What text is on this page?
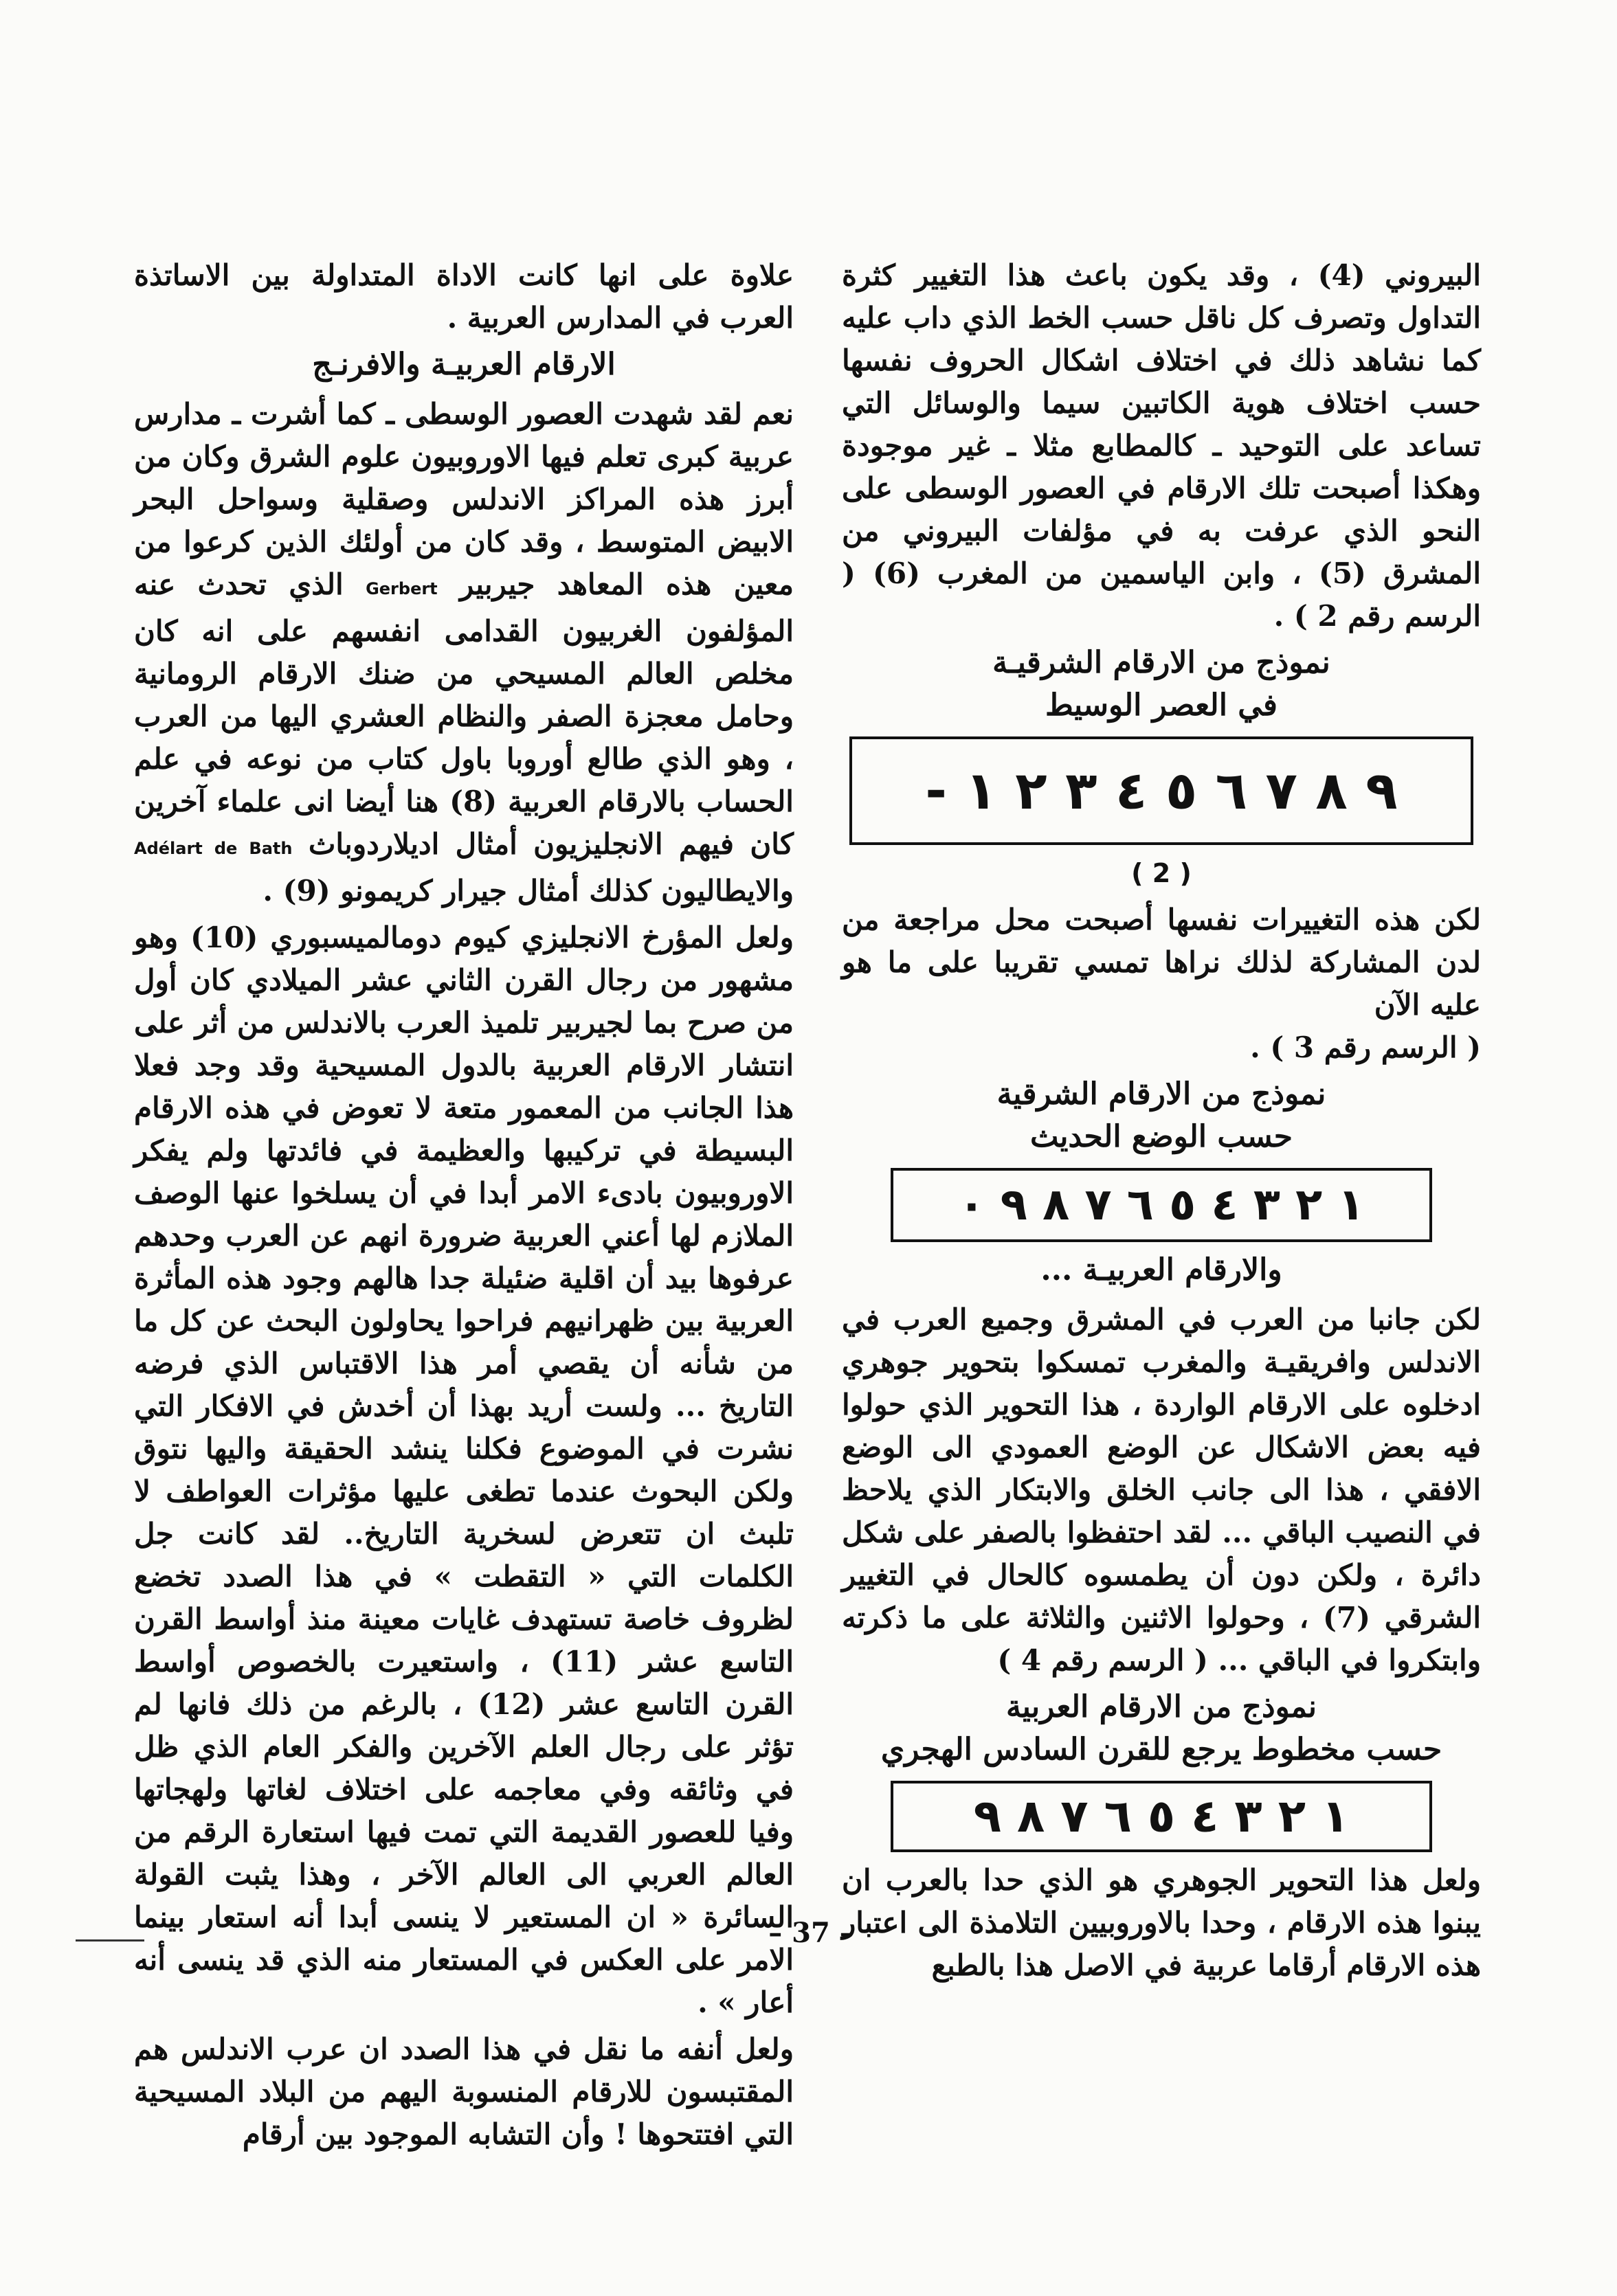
البيروني (4) ، وقد يكون باعث هذا التغيير كثرة التداول وتصرف كل ناقل حسب الخط الذي داب عليه كما نشاهد ذلك في اختلاف اشكال الحروف نفسها حسب اختلاف هوية الكاتبين سيما والوسائل التي تساعد على التوحيد ـ كالمطابع مثلا ـ غير موجودة وهكذا أصبحت تلك الارقام في العصور الوسطى على النحو الذي عرفت به في مؤلفات البيروني من المشرق (5) ، وابن الياسمين من المغرب (6) ( الرسم رقم 2 ) .

نموذج من الارقام الشرقيـة
في العصر الوسيط
- ٩ ٨ ٧ ٦ ٥ ٤ ٣ ٢ ١
( 2 )

لكن هذه التغييرات نفسها أصبحت محل مراجعة من لدن المشاركة لذلك نراها تمسي تقريبا على ما هو عليه الآن
( الرسم رقم 3 ) .

نموذج من الارقام الشرقية
حسب الوضع الحديث
١ ٢ ٣ ٤ ٥ ٦ ٧ ٨ ٩ ٠
والارقام العربيـة ...

لكن جانبا من العرب في المشرق وجميع العرب في الاندلس وافريقيـة والمغرب تمسكوا بتحوير جوهري ادخلوه على الارقام الواردة ، هذا التحوير الذي حولوا فيه بعض الاشكال عن الوضع العمودي الى الوضع الافقي ، هذا الى جانب الخلق والابتكار الذي يلاحظ في النصيب الباقي ... لقد احتفظوا بالصفر على شكل دائرة ، ولكن دون أن يطمسوه كالحال في التغيير الشرقي (7) ، وحولوا الاثنين والثلاثة على ما ذكرته وابتكروا في الباقي ... ( الرسم رقم 4 )

نموذج من الارقام العربية
حسب مخطوط يرجع للقرن السادس الهجري
١ ٢ ٣ ٤ ٥ ٦ ٧ ٨ ٩

ولعل هذا التحوير الجوهري هو الذي حدا بالعرب ان يبنوا هذه الارقام ، وحدا بالاوروبيين التلامذة الى اعتبار هذه الارقام أرقاما عربية في الاصل هذا بالطبع

علاوة على انها كانت الاداة المتداولة بين الاساتذة العرب في المدارس العربية .

الارقام العربيـة والافرنـج

نعم لقد شهدت العصور الوسطى ـ كما أشرت ـ مدارس عربية كبرى تعلم فيها الاوروبيون علوم الشرق وكان من أبرز هذه المراكز الاندلس وصقلية وسواحل البحر الابيض المتوسط ، وقد كان من أولئك الذين كرعوا من معين هذه المعاهد جيربير Gerbert الذي تحدث عنه المؤلفون الغربيون القدامى انفسهم على انه كان مخلص العالم المسيحي من ضنك الارقام الرومانية وحامل معجزة الصفر والنظام العشري اليها من العرب ، وهو الذي طالع أوروبا باول كتاب من نوعه في علم الحساب بالارقام العربية (8) هنا أيضا انى علماء آخرين كان فيهم الانجليزيون أمثال اديلاردوباث Adélart de Bath والايطاليون كذلك أمثال جيرار كريمونو (9) .

ولعل المؤرخ الانجليزي كيوم دومالميسبوري (10) وهو مشهور من رجال القرن الثاني عشر الميلادي كان أول من صرح بما لجيربير تلميذ العرب بالاندلس من أثر على انتشار الارقام العربية بالدول المسيحية وقد وجد فعلا هذا الجانب من المعمور متعة لا تعوض في هذه الارقام البسيطة في تركيبها والعظيمة في فائدتها ولم يفكر الاوروبيون بادىء الامر أبدا في أن يسلخوا عنها الوصف الملازم لها أعني العربية ضرورة انهم عن العرب وحدهم عرفوها بيد أن اقلية ضئيلة جدا هالهم وجود هذه المأثرة العربية بين ظهرانيهم فراحوا يحاولون البحث عن كل ما من شأنه أن يقصي أمر هذا الاقتباس الذي فرضه التاريخ ... ولست أريد بهذا أن أخدش في الافكار التي نشرت في الموضوع فكلنا ينشد الحقيقة واليها نتوق ولكن البحوث عندما تطغى عليها مؤثرات العواطف لا تلبث ان تتعرض لسخرية التاريخ.. لقد كانت جل الكلمات التي « التقطت » في هذا الصدد تخضع لظروف خاصة تستهدف غايات معينة منذ أواسط القرن التاسع عشر (11) ، واستعيرت بالخصوص أواسط القرن التاسع عشر (12) ، بالرغم من ذلك فانها لم تؤثر على رجال العلم الآخرين والفكر العام الذي ظل في وثائقه وفي معاجمه على اختلاف لغاتها ولهجاتها وفيا للعصور القديمة التي تمت فيها استعارة الرقم من العالم العربي الى العالم الآخر ، وهذا يثبت القولة السائرة « ان المستعير لا ينسى أبدا أنه استعار بينما الامر على العكس في المستعار منه الذي قد ينسى أنه أعار » .

ولعل أنفه ما نقل في هذا الصدد ان عرب الاندلس هم المقتبسون للارقام المنسوبة اليهم من البلاد المسيحية التي افتتحوها ! وأن التشابه الموجود بين أرقام

– 37 –
